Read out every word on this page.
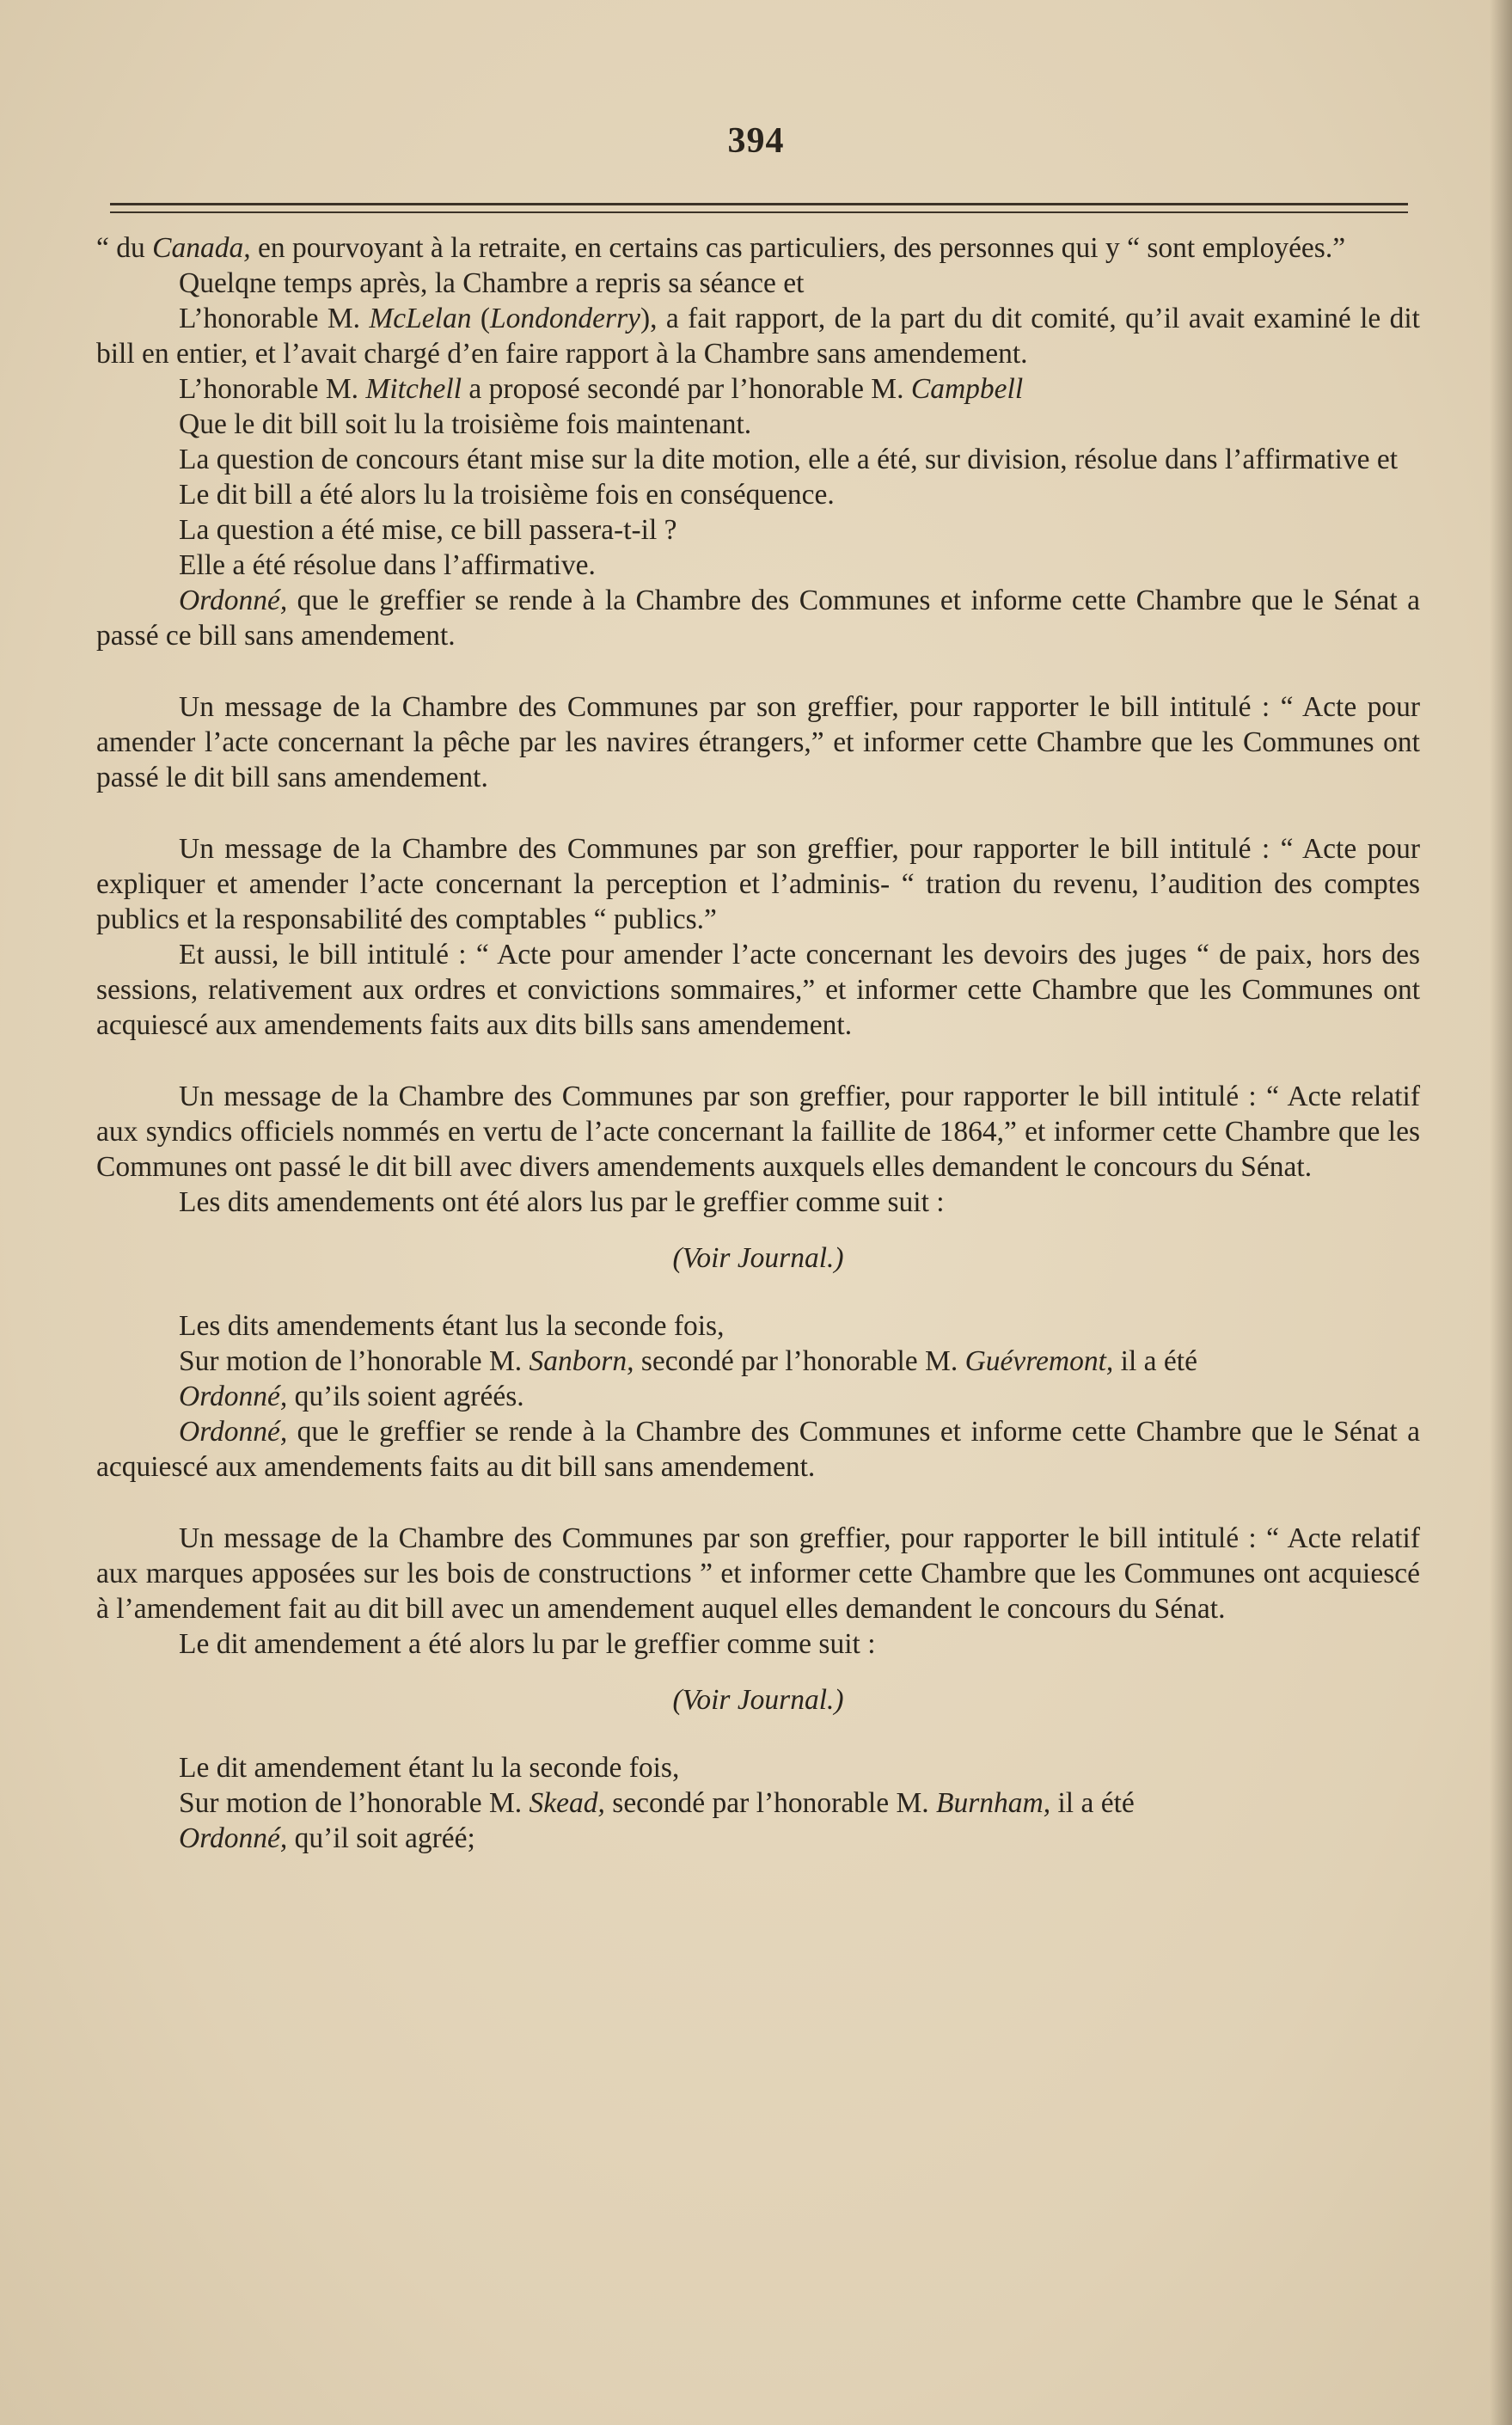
394

“ du Canada, en pourvoyant à la retraite, en certains cas particuliers, des personnes qui y “ sont employées.”

Quelqne temps après, la Chambre a repris sa séance et

L’honorable M. McLelan (Londonderry), a fait rapport, de la part du dit comité, qu’il avait examiné le dit bill en entier, et l’avait chargé d’en faire rapport à la Chambre sans amendement.

L’honorable M. Mitchell a proposé secondé par l’honorable M. Campbell

Que le dit bill soit lu la troisième fois maintenant.

La question de concours étant mise sur la dite motion, elle a été, sur division, résolue dans l’affirmative et

Le dit bill a été alors lu la troisième fois en conséquence.

La question a été mise, ce bill passera-t-il ?

Elle a été résolue dans l’affirmative.

Ordonné, que le greffier se rende à la Chambre des Communes et informe cette Chambre que le Sénat a passé ce bill sans amendement.

Un message de la Chambre des Communes par son greffier, pour rapporter le bill intitulé : “ Acte pour amender l’acte concernant la pêche par les navires étrangers,” et informer cette Chambre que les Communes ont passé le dit bill sans amendement.

Un message de la Chambre des Communes par son greffier, pour rapporter le bill intitulé : “ Acte pour expliquer et amender l’acte concernant la perception et l’adminis- “ tration du revenu, l’audition des comptes publics et la responsabilité des comptables “ publics.”

Et aussi, le bill intitulé : “ Acte pour amender l’acte concernant les devoirs des juges “ de paix, hors des sessions, relativement aux ordres et convictions sommaires,” et informer cette Chambre que les Communes ont acquiescé aux amendements faits aux dits bills sans amendement.

Un message de la Chambre des Communes par son greffier, pour rapporter le bill intitulé : “ Acte relatif aux syndics officiels nommés en vertu de l’acte concernant la faillite de 1864,” et informer cette Chambre que les Communes ont passé le dit bill avec divers amendements auxquels elles demandent le concours du Sénat.

Les dits amendements ont été alors lus par le greffier comme suit :

(Voir Journal.)

Les dits amendements étant lus la seconde fois,

Sur motion de l’honorable M. Sanborn, secondé par l’honorable M. Guévremont, il a été

Ordonné, qu’ils soient agréés.

Ordonné, que le greffier se rende à la Chambre des Communes et informe cette Chambre que le Sénat a acquiescé aux amendements faits au dit bill sans amendement.

Un message de la Chambre des Communes par son greffier, pour rapporter le bill intitulé : “ Acte relatif aux marques apposées sur les bois de constructions ” et informer cette Chambre que les Communes ont acquiescé à l’amendement fait au dit bill avec un amendement auquel elles demandent le concours du Sénat.

Le dit amendement a été alors lu par le greffier comme suit :

(Voir Journal.)

Le dit amendement étant lu la seconde fois,

Sur motion de l’honorable M. Skead, secondé par l’honorable M. Burnham, il a été

Ordonné, qu’il soit agréé;
